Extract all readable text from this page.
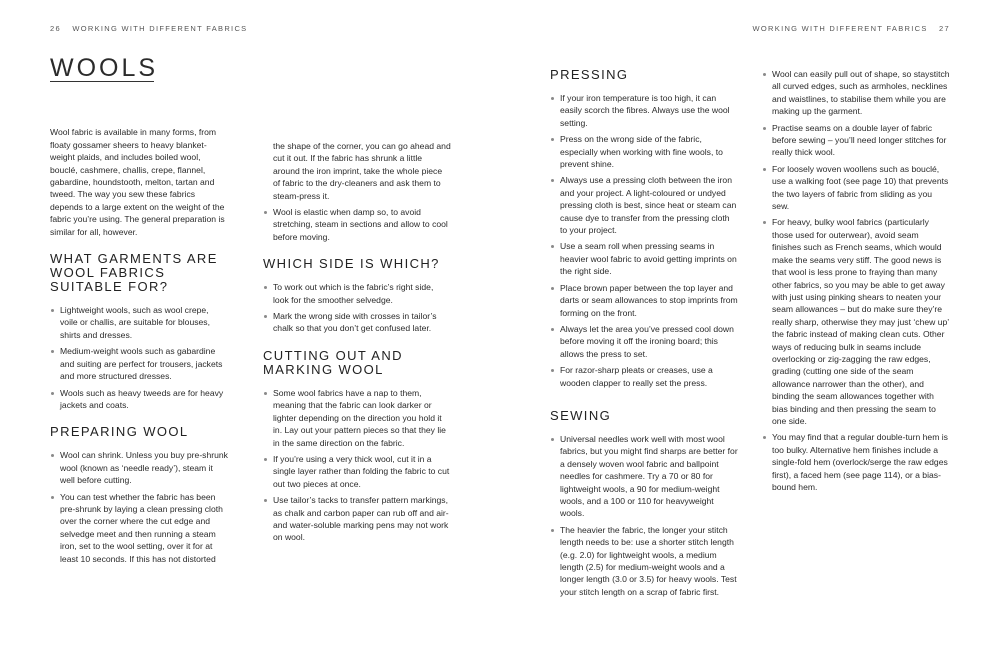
26 WORKING WITH DIFFERENT FABRICS	WORKING WITH DIFFERENT FABRICS 27
WOOLS

Wool fabric is available in many forms, from floaty gossamer sheers to heavy blanket-weight plaids, and includes boiled wool, bouclé, cashmere, challis, crepe, flannel, gabardine, houndstooth, melton, tartan and tweed. The way you sew these fabrics depends to a large extent on the weight of the fabric you’re using. The general preparation is similar for all, however.

WHAT GARMENTS ARE WOOL FABRICS SUITABLE FOR?
Lightweight wools, such as wool crepe, voile or challis, are suitable for blouses, shirts and dresses.
Medium-weight wools such as gabardine and suiting are perfect for trousers, jackets and more structured dresses.
Wools such as heavy tweeds are for heavy jackets and coats.
PREPARING WOOL
Wool can shrink. Unless you buy pre-shrunk wool (known as ‘needle ready’), steam it well before cutting.
You can test whether the fabric has been pre-shrunk by laying a clean pressing cloth over the corner where the cut edge and selvedge meet and then running a steam iron, set to the wool setting, over it for at least 10 seconds. If this has not distorted
the shape of the corner, you can go ahead and cut it out. If the fabric has shrunk a little around the iron imprint, take the whole piece of fabric to the dry-cleaners and ask them to steam-press it.
Wool is elastic when damp so, to avoid stretching, steam in sections and allow to cool before moving.
WHICH SIDE IS WHICH?
To work out which is the fabric’s right side, look for the smoother selvedge.
Mark the wrong side with crosses in tailor’s chalk so that you don’t get confused later.
CUTTING OUT AND MARKING WOOL
Some wool fabrics have a nap to them, meaning that the fabric can look darker or lighter depending on the direction you hold it in. Lay out your pattern pieces so that they lie in the same direction on the fabric.
If you’re using a very thick wool, cut it in a single layer rather than folding the fabric to cut out two pieces at once.
Use tailor’s tacks to transfer pattern markings, as chalk and carbon paper can rub off and air- and water-soluble marking pens may not work on wool.
PRESSING
If your iron temperature is too high, it can easily scorch the fibres. Always use the wool setting.
Press on the wrong side of the fabric, especially when working with fine wools, to prevent shine.
Always use a pressing cloth between the iron and your project. A light-coloured or undyed pressing cloth is best, since heat or steam can cause dye to transfer from the pressing cloth to your project.
Use a seam roll when pressing seams in heavier wool fabric to avoid getting imprints on the right side.
Place brown paper between the top layer and darts or seam allowances to stop imprints from forming on the front.
Always let the area you’ve pressed cool down before moving it off the ironing board; this allows the press to set.
For razor-sharp pleats or creases, use a wooden clapper to really set the press.
SEWING
Universal needles work well with most wool fabrics, but you might find sharps are better for a densely woven wool fabric and ballpoint needles for cashmere. Try a 70 or 80 for lightweight wools, a 90 for medium-weight wools, and a 100 or 110 for heavyweight wools.
The heavier the fabric, the longer your stitch length needs to be: use a shorter stitch length (e.g. 2.0) for lightweight wools, a medium length (2.5) for medium-weight wools and a longer length (3.0 or 3.5) for heavy wools. Test your stitch length on a scrap of fabric first.
Wool can easily pull out of shape, so staystitch all curved edges, such as armholes, necklines and waistlines, to stabilise them while you are making up the garment.
Practise seams on a double layer of fabric before sewing – you’ll need longer stitches for really thick wool.
For loosely woven woollens such as bouclé, use a walking foot (see page 10) that prevents the two layers of fabric from sliding as you sew.
For heavy, bulky wool fabrics (particularly those used for outerwear), avoid seam finishes such as French seams, which would make the seams very stiff. The good news is that wool is less prone to fraying than many other fabrics, so you may be able to get away with just using pinking shears to neaten your seam allowances – but do make sure they’re really sharp, otherwise they may just ‘chew up’ the fabric instead of making clean cuts. Other ways of reducing bulk in seams include overlocking or zig-zagging the raw edges, grading (cutting one side of the seam allowance narrower than the other), and binding the seam allowances together with bias binding and then pressing the seam to one side.
You may find that a regular double-turn hem is too bulky. Alternative hem finishes include a single-fold hem (overlock/serge the raw edges first), a faced hem (see page 114), or a bias-bound hem.
